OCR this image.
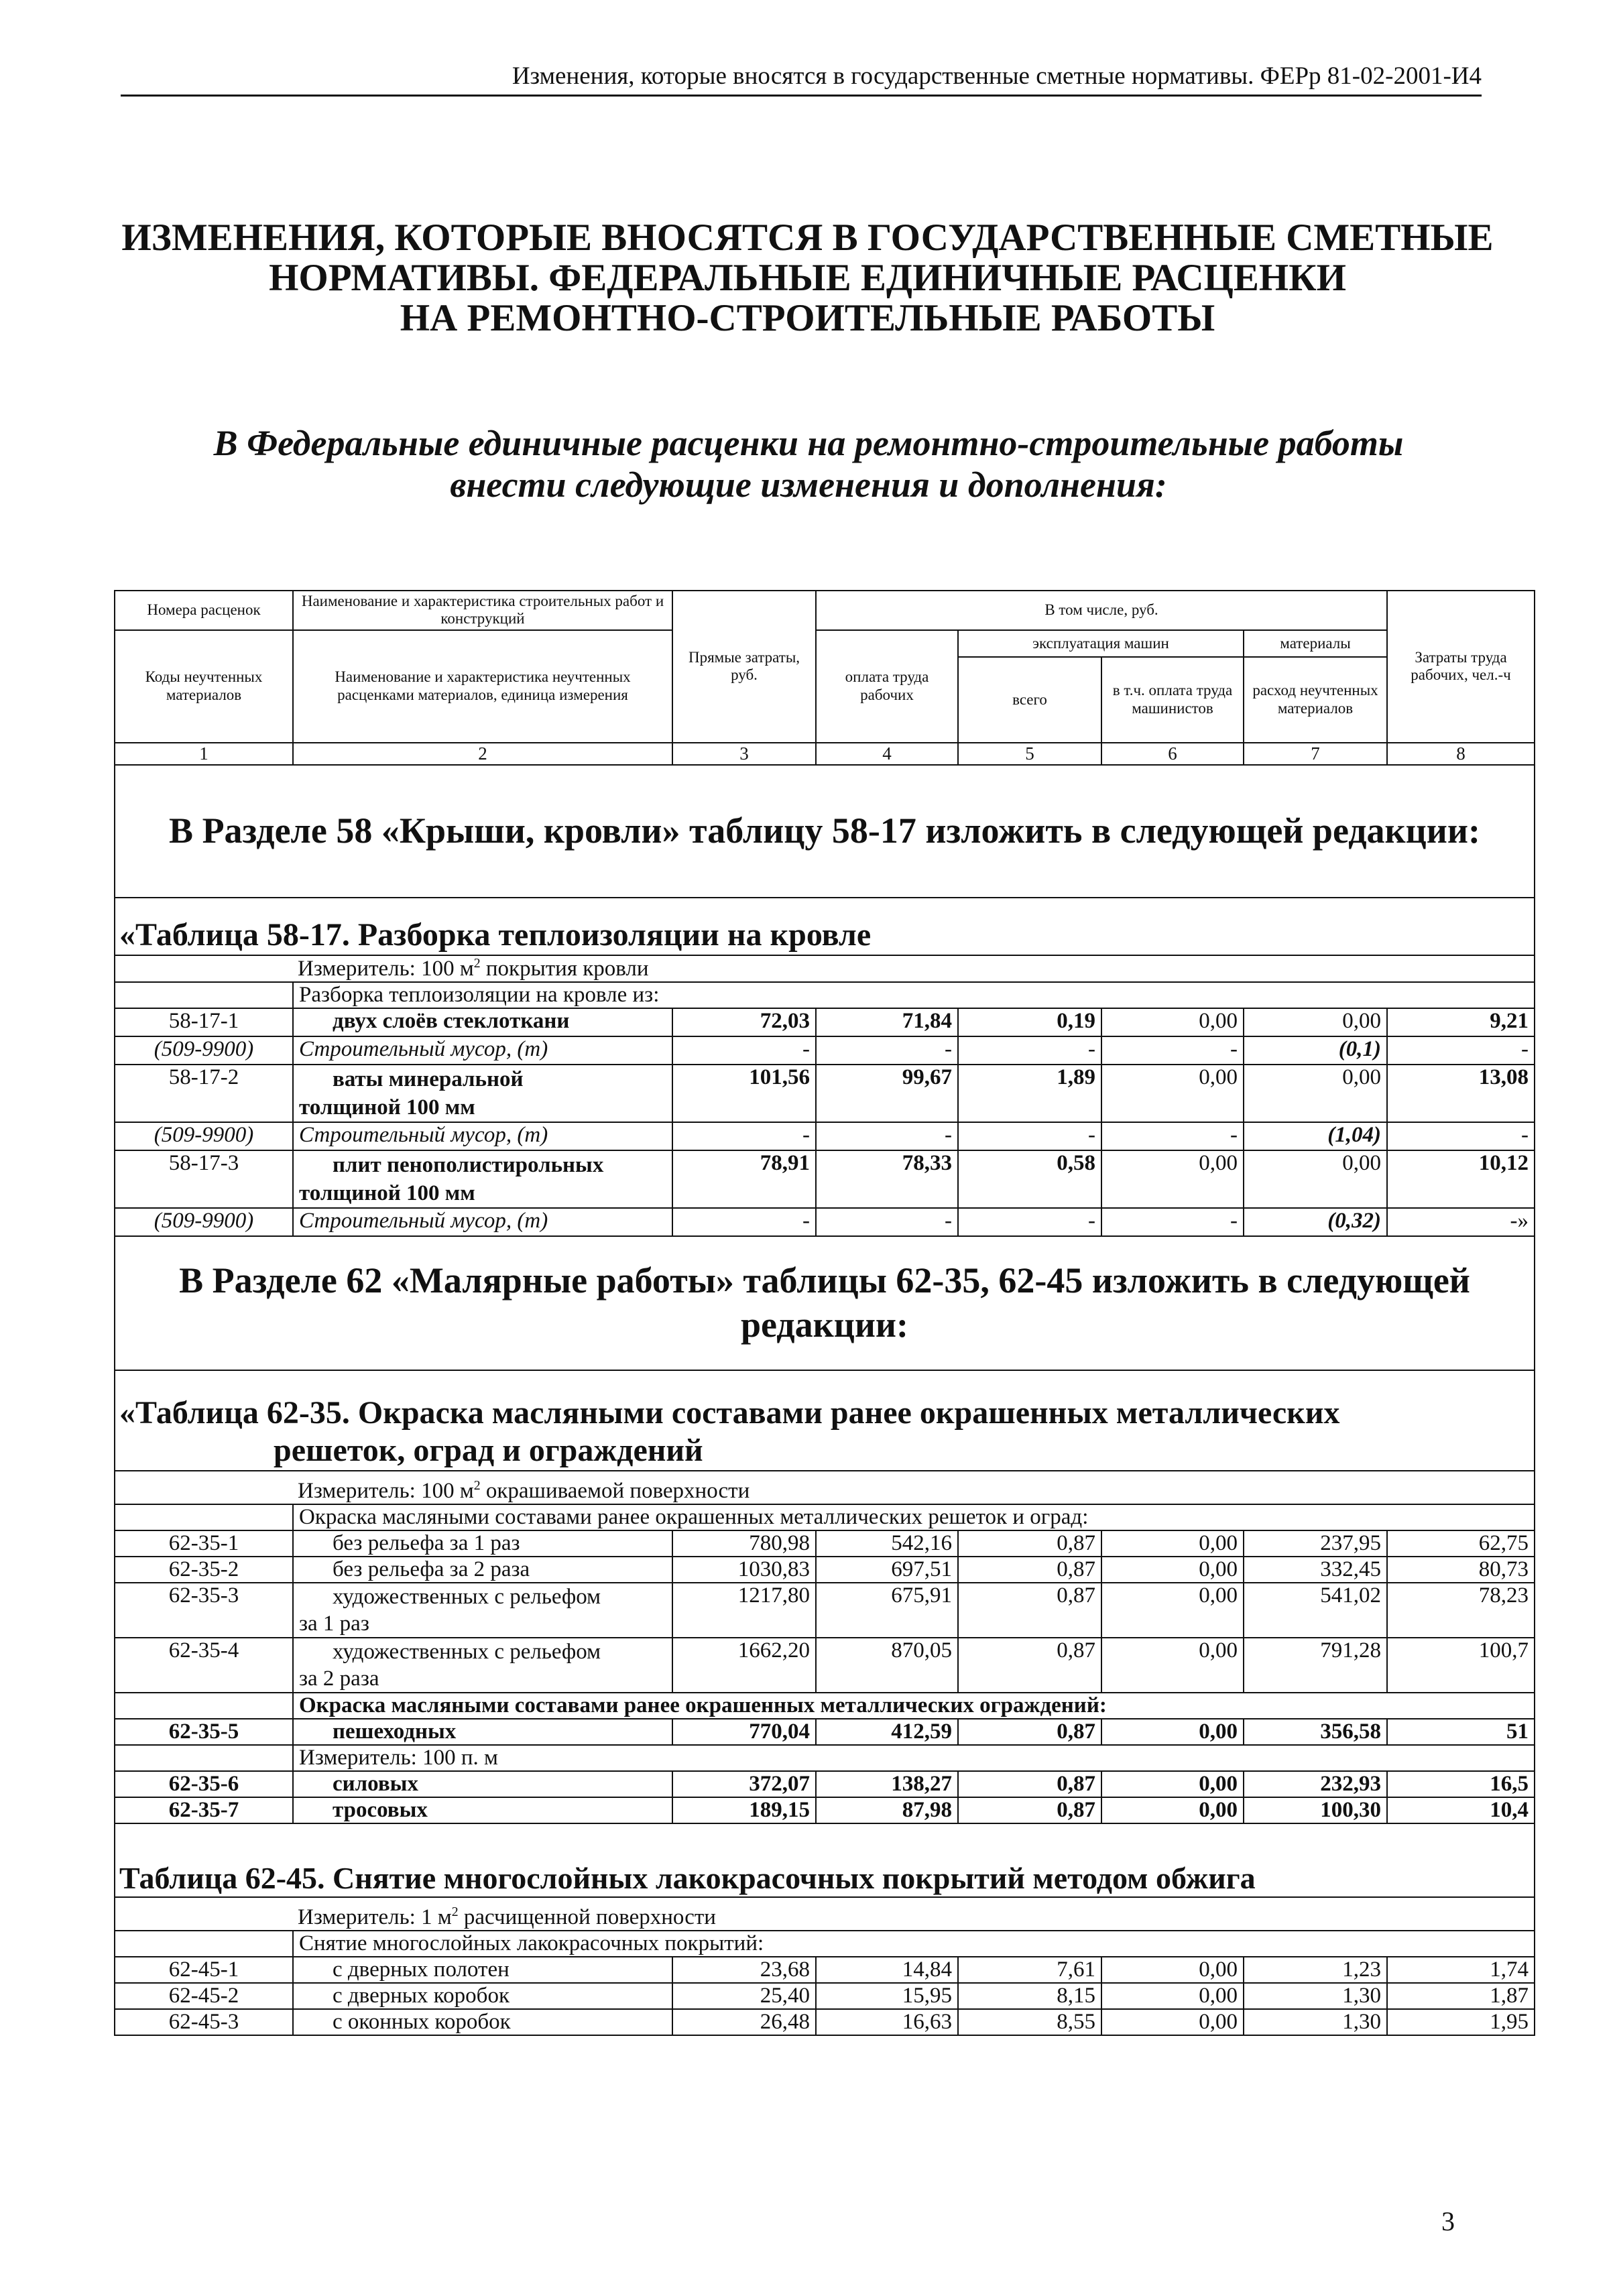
Изменения, которые вносятся в государственные сметные нормативы. ФЕРр 81-02-2001-И4
ИЗМЕНЕНИЯ, КОТОРЫЕ ВНОСЯТСЯ В ГОСУДАРСТВЕННЫЕ СМЕТНЫЕ
НОРМАТИВЫ. ФЕДЕРАЛЬНЫЕ ЕДИНИЧНЫЕ РАСЦЕНКИ
НА РЕМОНТНО-СТРОИТЕЛЬНЫЕ РАБОТЫ
В Федеральные единичные расценки на ремонтно-строительные работы
внести следующие изменения и дополнения:
Номера расценок	Наименование и характеристика строительных работ и конструкций	Прямые затраты, руб.	В том числе, руб.				Затраты труда рабочих, чел.-ч
Коды неучтенных материалов	Наименование и характеристика неучтенных расценками материалов, единица измерения		оплата труда рабочих	эксплуатация машин		материалы	
				всего	в т.ч. оплата труда машинистов	расход неучтенных материалов	
1	2	3	4	5	6	7	8
В Разделе 58 «Крыши, кровли» таблицу 58-17 изложить в следующей редакции:							
«Таблица 58-17. Разборка теплоизоляции на кровле							
Измеритель: 100 $м^2$ покрытия кровли							
	Разборка теплоизоляции на кровле из:						
58-17-1	двух слоёв стеклоткани	72,03	71,84	0,19	0,00	0,00	9,21
(509-9900)	Строительный мусор, (т)	-	-	-	-	(0,1)	-
58-17-2	ваты минеральной
толщиной 100 мм	101,56	99,67	1,89	0,00	0,00	13,08
(509-9900)	Строительный мусор, (т)	-	-	-	-	(1,04)	-
58-17-3	плит пенополистирольных
толщиной 100 мм	78,91	78,33	0,58	0,00	0,00	10,12
(509-9900)	Строительный мусор, (т)	-	-	-	-	(0,32)	-»
В Разделе 62 «Малярные работы» таблицы 62-35, 62-45 изложить в следующей редакции:							
«Таблица 62-35. Окраска масляными составами ранее окрашенных металлических
решеток, оград и ограждений							
Измеритель: 100 $м^2$ окрашиваемой поверхности							
	Окраска масляными составами ранее окрашенных металлических решеток и оград:						
62-35-1	без рельефа за 1 раз	780,98	542,16	0,87	0,00	237,95	62,75
62-35-2	без рельефа за 2 раза	1030,83	697,51	0,87	0,00	332,45	80,73
62-35-3	художественных с рельефом
за 1 раз	1217,80	675,91	0,87	0,00	541,02	78,23
62-35-4	художественных с рельефом
за 2 раза	1662,20	870,05	0,87	0,00	791,28	100,7
	Окраска масляными составами ранее окрашенных металлических ограждений:						
62-35-5	пешеходных	770,04	412,59	0,87	0,00	356,58	51
	Измеритель: 100 п. м						
62-35-6	силовых	372,07	138,27	0,87	0,00	232,93	16,5
62-35-7	тросовых	189,15	87,98	0,87	0,00	100,30	10,4
Таблица 62-45. Снятие многослойных лакокрасочных покрытий методом обжига							
Измеритель: 1 $м^2$ расчищенной поверхности							
	Снятие многослойных лакокрасочных покрытий:						
62-45-1	с дверных полотен	23,68	14,84	7,61	0,00	1,23	1,74
62-45-2	с дверных коробок	25,40	15,95	8,15	0,00	1,30	1,87
62-45-3	с оконных коробок	26,48	16,63	8,55	0,00	1,30	1,95
3
